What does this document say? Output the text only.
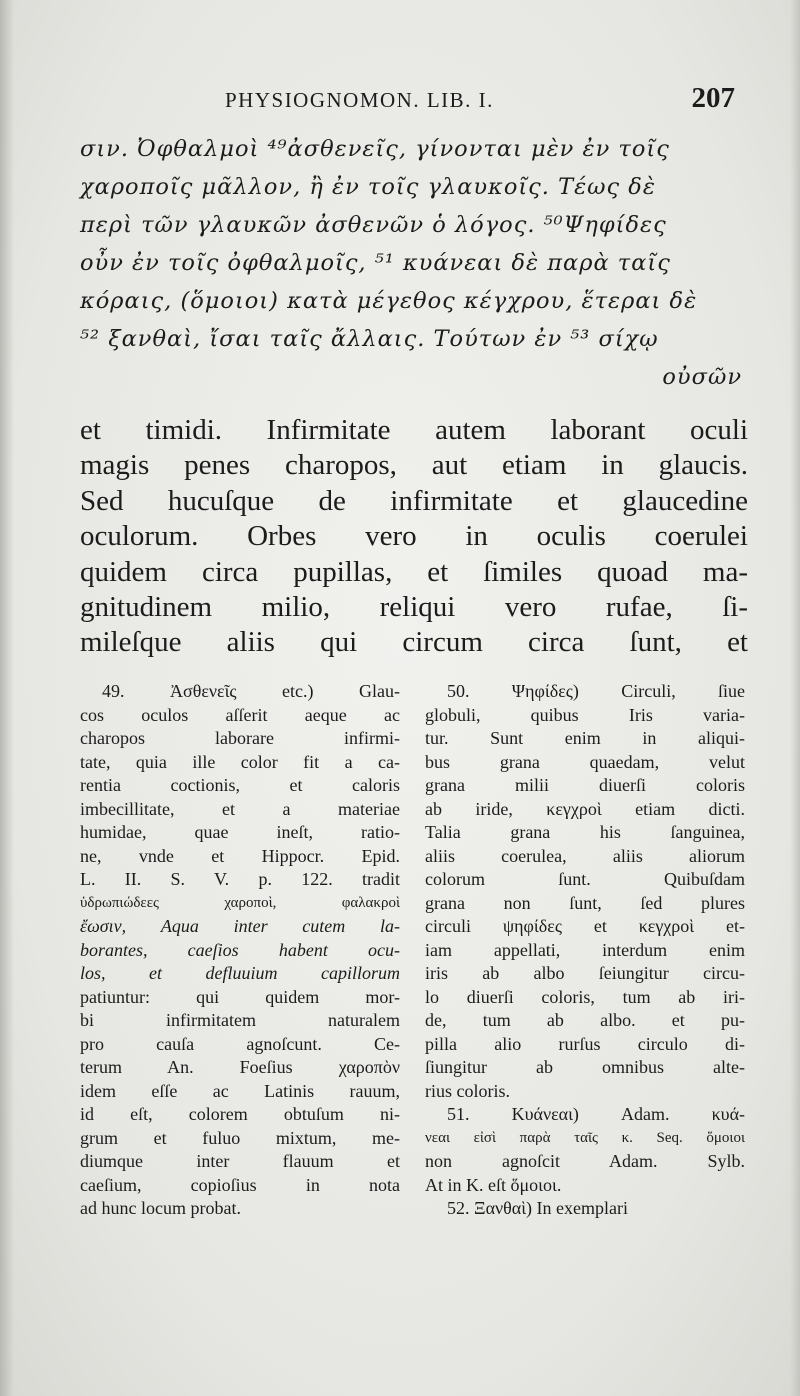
PHYSIOGNOMON. LIB. I.	207
σιν. Ὀφθαλμοὶ ⁴⁹ἀσθενεῖς, γίνονται μὲν ἐν τοῖς
χαροποῖς μᾶλλον, ἢ ἐν τοῖς γλαυκοῖς. Τέως δὲ
περὶ τῶν γλαυκῶν ἀσθενῶν ὁ λόγος. ⁵⁰Ψηφίδες
οὖν ἐν τοῖς ὀφθαλμοῖς, ⁵¹ κυάνεαι δὲ παρὰ ταῖς
κόραις, (ὅμοιοι) κατὰ μέγεθος κέγχρου, ἕτεραι δὲ
⁵² ξανθαὶ, ἴσαι ταῖς ἄλλαις. Τούτων ἐν ⁵³ σίχῳ
οὐσῶν
et timidi. Infirmitate autem laborant oculi
magis penes charopos, aut etiam in glaucis.
Sed hucuſque de infirmitate et glaucedine
oculorum. Orbes vero in oculis coerulei
quidem circa pupillas, et ſimiles quoad ma-
gnitudinem milio, reliqui vero rufae, ſi-
mileſque aliis qui circum circa ſunt, et
49. Ἀσθενεῖς etc.) Glau-
cos oculos aſſerit aeque ac
charopos laborare infirmi-
tate, quia ille color fit a ca-
rentia coctionis, et caloris
imbecillitate, et a materiae
humidae, quae ineſt, ratio-
ne, vnde et Hippocr. Epid.
L. II. S. V. p. 122. tradit
ὑδρωπιώδεες χαροποὶ, φαλακροὶ
ἔωσιν, Aqua inter cutem la-
borantes, caeſios habent ocu-
los, et defluuium capillorum
patiuntur: qui quidem mor-
bi infirmitatem naturalem
pro cauſa agnoſcunt. Ce-
terum An. Foeſius χαροπὸν
idem eſſe ac Latinis rauum,
id eſt, colorem obtuſum ni-
grum et fuluo mixtum, me-
diumque inter flauum et
caeſium, copioſius in nota
ad hunc locum probat.
50. Ψηφίδες) Circuli, ſiue
globuli, quibus Iris varia-
tur. Sunt enim in aliqui-
bus grana quaedam, velut
grana milii diuerſi coloris
ab iride, κεγχροὶ etiam dicti.
Talia grana his ſanguinea,
aliis coerulea, aliis aliorum
colorum ſunt. Quibuſdam
grana non ſunt, ſed plures
circuli ψηφίδες et κεγχροὶ et-
iam appellati, interdum enim
iris ab albo ſeiungitur circu-
lo diuerſi coloris, tum ab iri-
de, tum ab albo. et pu-
pilla alio rurſus circulo di-
ſiungitur ab omnibus alte-
rius coloris.
51. Κυάνεαι) Adam. κυά-
νεαι εἰσὶ παρὰ ταῖς κ. Seq. ὅμοιοι
non agnoſcit Adam. Sylb.
At in K. eſt ὅμοιοι.
52. Ξανθαὶ) In exemplari
